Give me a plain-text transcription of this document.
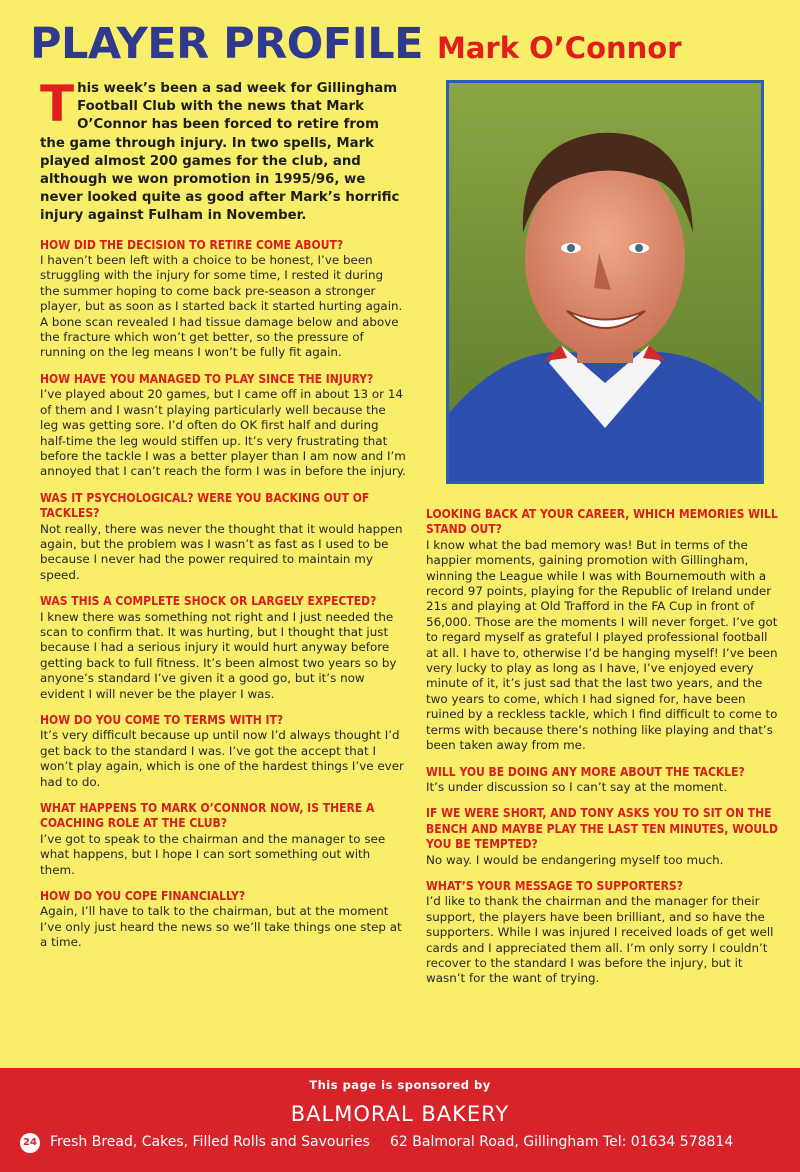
PLAYER PROFILE Mark O’Connor

This week’s been a sad week for Gillingham Football Club with the news that Mark O’Connor has been forced to retire from the game through injury. In two spells, Mark played almost 200 games for the club, and although we won promotion in 1995/96, we never looked quite as good after Mark’s horrific injury against Fulham in November.

HOW DID THE DECISION TO RETIRE COME ABOUT?

I haven’t been left with a choice to be honest, I’ve been struggling with the injury for some time, I rested it during the summer hoping to come back pre-season a stronger player, but as soon as I started back it started hurting again. A bone scan revealed I had tissue damage below and above the fracture which won’t get better, so the pressure of running on the leg means I won’t be fully fit again.

HOW HAVE YOU MANAGED TO PLAY SINCE THE INJURY?

I’ve played about 20 games, but I came off in about 13 or 14 of them and I wasn’t playing particularly well because the leg was getting sore. I’d often do OK first half and during half-time the leg would stiffen up. It’s very frustrating that before the tackle I was a better player than I am now and I’m annoyed that I can’t reach the form I was in before the injury.

WAS IT PSYCHOLOGICAL? WERE YOU BACKING OUT OF TACKLES?

Not really, there was never the thought that it would happen again, but the problem was I wasn’t as fast as I used to be because I never had the power required to maintain my speed.

WAS THIS A COMPLETE SHOCK OR LARGELY EXPECTED?

I knew there was something not right and I just needed the scan to confirm that. It was hurting, but I thought that just because I had a serious injury it would hurt anyway before getting back to full fitness. It’s been almost two years so by anyone’s standard I’ve given it a good go, but it’s now evident I will never be the player I was.

HOW DO YOU COME TO TERMS WITH IT?

It’s very difficult because up until now I’d always thought I’d get back to the standard I was. I’ve got the accept that I won’t play again, which is one of the hardest things I’ve ever had to do.

WHAT HAPPENS TO MARK O’CONNOR NOW, IS THERE A COACHING ROLE AT THE CLUB?

I’ve got to speak to the chairman and the manager to see what happens, but I hope I can sort something out with them.

HOW DO YOU COPE FINANCIALLY?

Again, I’ll have to talk to the chairman, but at the moment I’ve only just heard the news so we’ll take things one step at a time.

LOOKING BACK AT YOUR CAREER, WHICH MEMORIES WILL STAND OUT?

I know what the bad memory was! But in terms of the happier moments, gaining promotion with Gillingham, winning the League while I was with Bournemouth with a record 97 points, playing for the Republic of Ireland under 21s and playing at Old Trafford in the FA Cup in front of 56,000. Those are the moments I will never forget. I’ve got to regard myself as grateful I played professional football at all. I have to, otherwise I’d be hanging myself! I’ve been very lucky to play as long as I have, I’ve enjoyed every minute of it, it’s just sad that the last two years, and the two years to come, which I had signed for, have been ruined by a reckless tackle, which I find difficult to come to terms with because there’s nothing like playing and that’s been taken away from me.

WILL YOU BE DOING ANY MORE ABOUT THE TACKLE?

It’s under discussion so I can’t say at the moment.

IF WE WERE SHORT, AND TONY ASKS YOU TO SIT ON THE BENCH AND MAYBE PLAY THE LAST TEN MINUTES, WOULD YOU BE TEMPTED?

No way. I would be endangering myself too much.

WHAT’S YOUR MESSAGE TO SUPPORTERS?

I’d like to thank the chairman and the manager for their support, the players have been brilliant, and so have the supporters. While I was injured I received loads of get well cards and I appreciated them all. I’m only sorry I couldn’t recover to the standard I was before the injury, but it wasn’t for the want of trying.

This page is sponsored by
BALMORAL BAKERY
24 Fresh Bread, Cakes, Filled Rolls and Savouries 62 Balmoral Road, Gillingham Tel: 01634 578814
